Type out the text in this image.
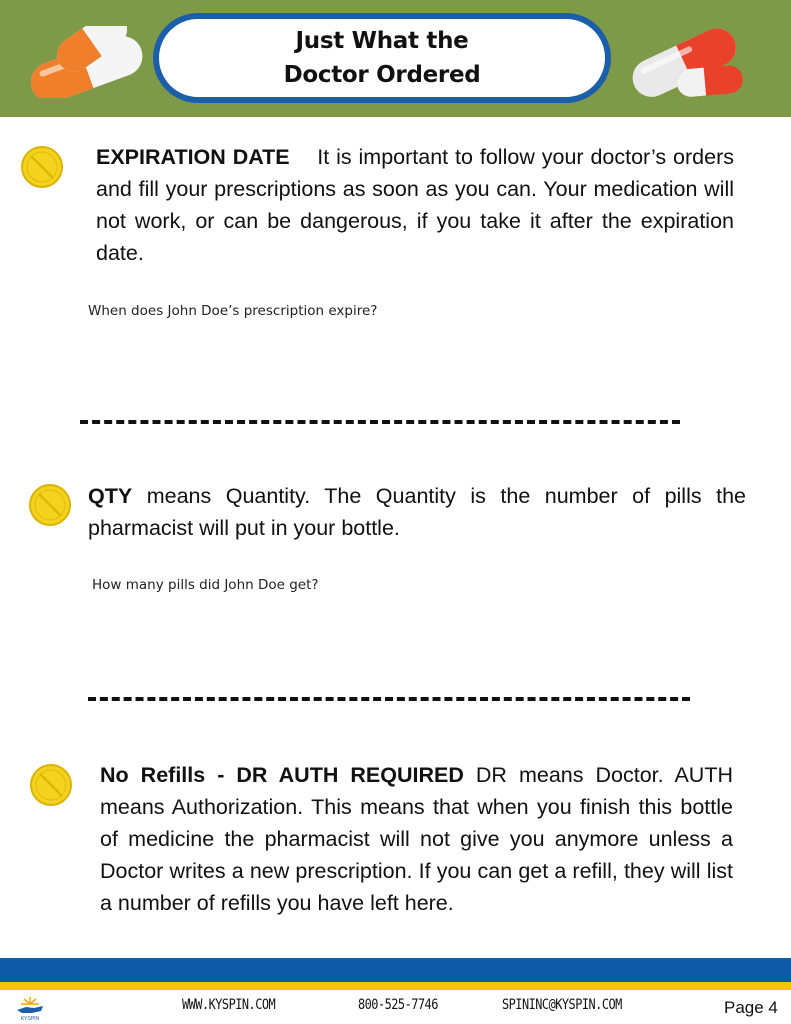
Just What the
Doctor Ordered
EXPIRATION DATE It is important to follow your doctor’s orders and fill your prescriptions as soon as you can. Your medication will not work, or can be dangerous, if you take it after the expiration date.
When does John Doe’s prescription expire?
QTY means Quantity. The Quantity is the number of pills the pharmacist will put in your bottle.
How many pills did John Doe get?
No Refills - DR AUTH REQUIRED DR means Doctor. AUTH means Authorization. This means that when you finish this bottle of medicine the pharmacist will not give you anymore unless a Doctor writes a new prescription. If you can get a refill, they will list a number of refills you have left here.
KYSPIN
WWW.KYSPIN.COM	800-525-7746	SPININC@KYSPIN.COM	Page 4
